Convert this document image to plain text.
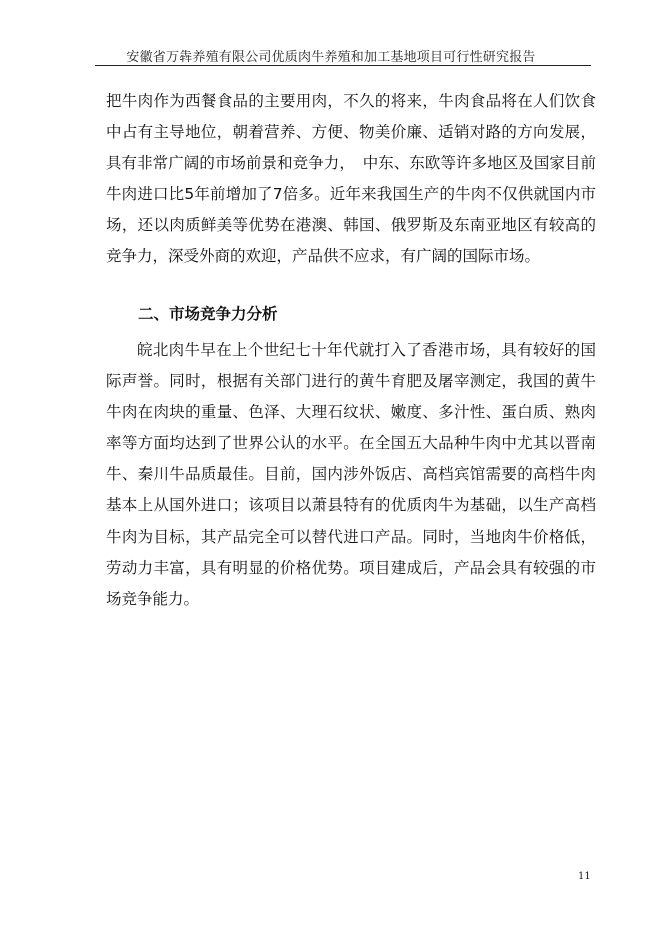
安徽省万犇养殖有限公司优质肉牛养殖和加工基地项目可行性研究报告
把牛肉作为西餐食品的主要用肉，不久的将来，牛肉食品将在人们饮食中占有主导地位，朝着营养、方便、物美价廉、适销对路的方向发展，具有非常广阔的市场前景和竞争力，　中东、东欧等许多地区及国家目前牛肉进口比5年前增加了7倍多。近年来我国生产的牛肉不仅供就国内市场，还以肉质鲜美等优势在港澳、韩国、俄罗斯及东南亚地区有较高的竞争力，深受外商的欢迎，产品供不应求，有广阔的国际市场。
二、市场竞争力分析
皖北肉牛早在上个世纪七十年代就打入了香港市场，具有较好的国际声誉。同时，根据有关部门进行的黄牛育肥及屠宰测定，我国的黄牛牛肉在肉块的重量、色泽、大理石纹状、嫩度、多汁性、蛋白质、熟肉率等方面均达到了世界公认的水平。在全国五大品种牛肉中尤其以晋南牛、秦川牛品质最佳。目前，国内涉外饭店、高档宾馆需要的高档牛肉基本上从国外进口；该项目以萧县特有的优质肉牛为基础，以生产高档牛肉为目标，其产品完全可以替代进口产品。同时，当地肉牛价格低，劳动力丰富，具有明显的价格优势。项目建成后，产品会具有较强的市场竞争能力。
11
